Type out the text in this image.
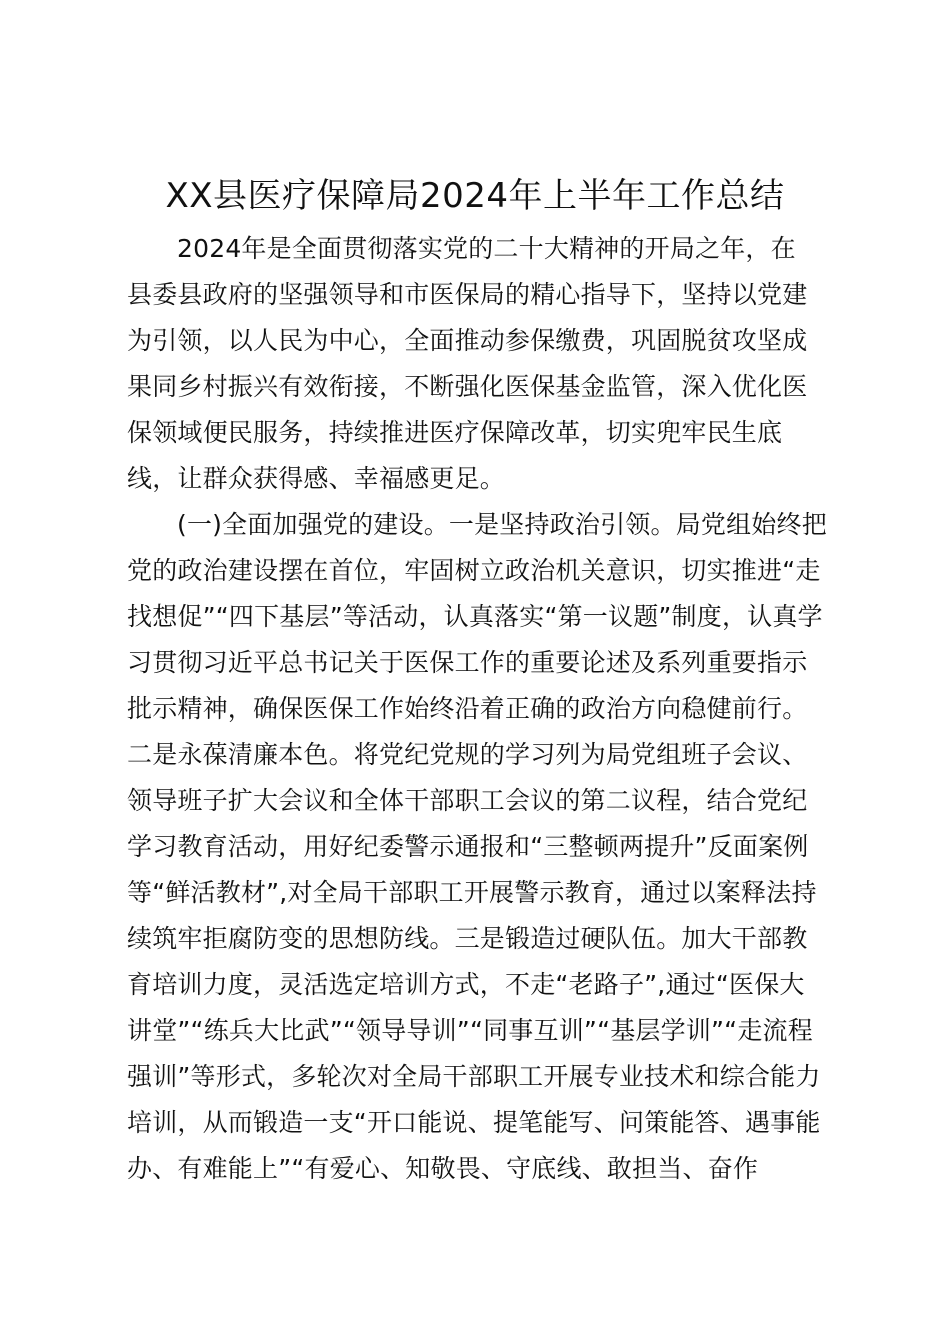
XX县医疗保障局2024年上半年工作总结
2024年是全面贯彻落实党的二十大精神的开局之年，在
县委县政府的坚强领导和市医保局的精心指导下，坚持以党建
为引领，以人民为中心，全面推动参保缴费，巩固脱贫攻坚成
果同乡村振兴有效衔接，不断强化医保基金监管，深入优化医
保领域便民服务，持续推进医疗保障改革，切实兜牢民生底
线，让群众获得感、幸福感更足。
(一)全面加强党的建设。一是坚持政治引领。局党组始终把
党的政治建设摆在首位，牢固树立政治机关意识，切实推进“走
找想促”“四下基层”等活动，认真落实“第一议题”制度，认真学
习贯彻习近平总书记关于医保工作的重要论述及系列重要指示
批示精神，确保医保工作始终沿着正确的政治方向稳健前行。
二是永葆清廉本色。将党纪党规的学习列为局党组班子会议、
领导班子扩大会议和全体干部职工会议的第二议程，结合党纪
学习教育活动，用好纪委警示通报和“三整顿两提升”反面案例
等“鲜活教材”,对全局干部职工开展警示教育，通过以案释法持
续筑牢拒腐防变的思想防线。三是锻造过硬队伍。加大干部教
育培训力度，灵活选定培训方式，不走“老路子”,通过“医保大
讲堂”“练兵大比武”“领导导训”“同事互训”“基层学训”“走流程
强训”等形式，多轮次对全局干部职工开展专业技术和综合能力
培训，从而锻造一支“开口能说、提笔能写、问策能答、遇事能
办、有难能上”“有爱心、知敬畏、守底线、敢担当、奋作
